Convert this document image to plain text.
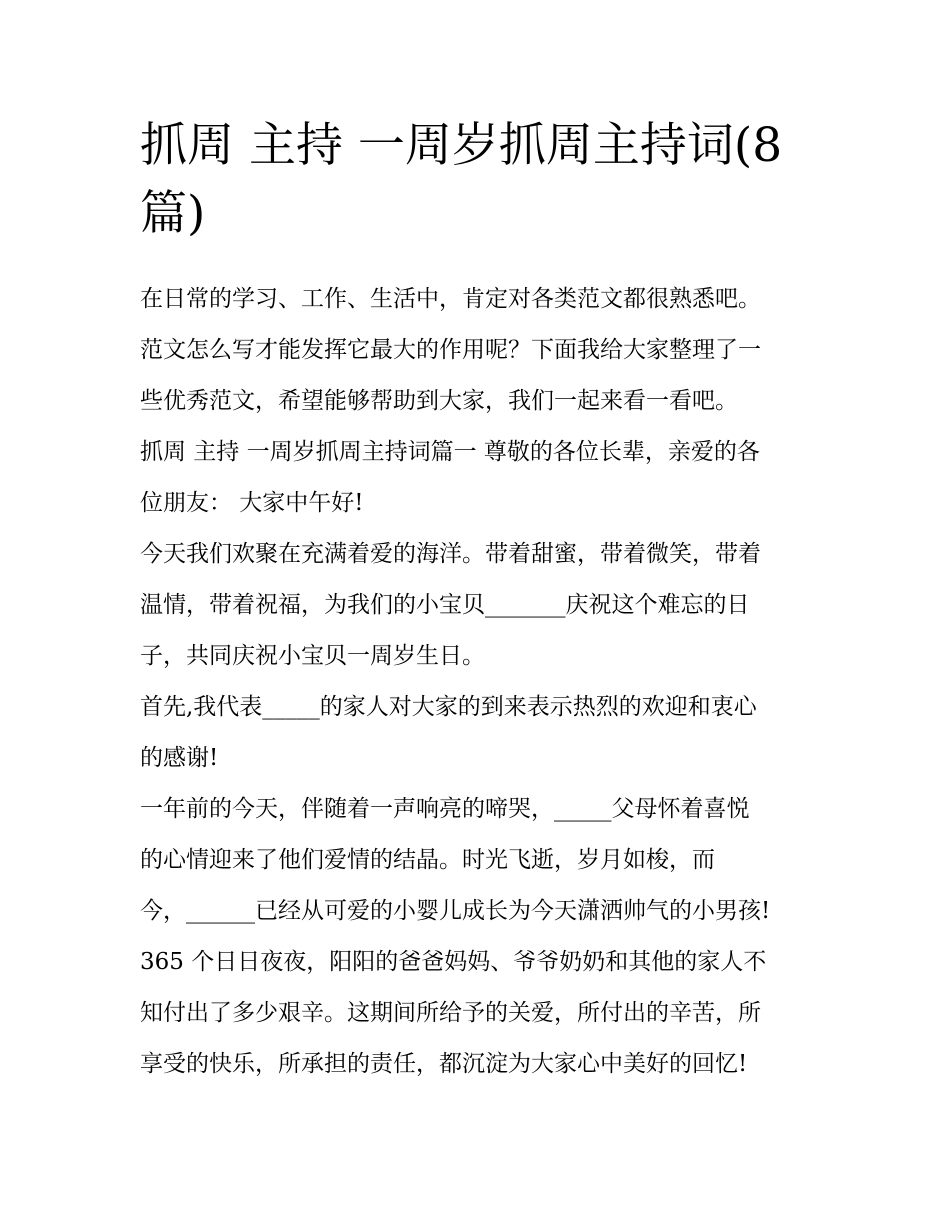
抓周 主持 一周岁抓周主持词(8
篇)
在日常的学习、工作、生活中，肯定对各类范文都很熟悉吧。
范文怎么写才能发挥它最大的作用呢？下面我给大家整理了一
些优秀范文，希望能够帮助到大家，我们一起来看一看吧。
抓周 主持 一周岁抓周主持词篇一 尊敬的各位长辈，亲爱的各
位朋友： 大家中午好!
今天我们欢聚在充满着爱的海洋。带着甜蜜，带着微笑，带着
温情，带着祝福，为我们的小宝贝_______庆祝这个难忘的日
子，共同庆祝小宝贝一周岁生日。
首先,我代表_____的家人对大家的到来表示热烈的欢迎和衷心
的感谢!
一年前的今天，伴随着一声响亮的啼哭，_____父母怀着喜悦
的心情迎来了他们爱情的结晶。时光飞逝，岁月如梭，而
今，______已经从可爱的小婴儿成长为今天潇洒帅气的小男孩!
365 个日日夜夜，阳阳的爸爸妈妈、爷爷奶奶和其他的家人不
知付出了多少艰辛。这期间所给予的关爱，所付出的辛苦，所
享受的快乐，所承担的责任，都沉淀为大家心中美好的回忆!
